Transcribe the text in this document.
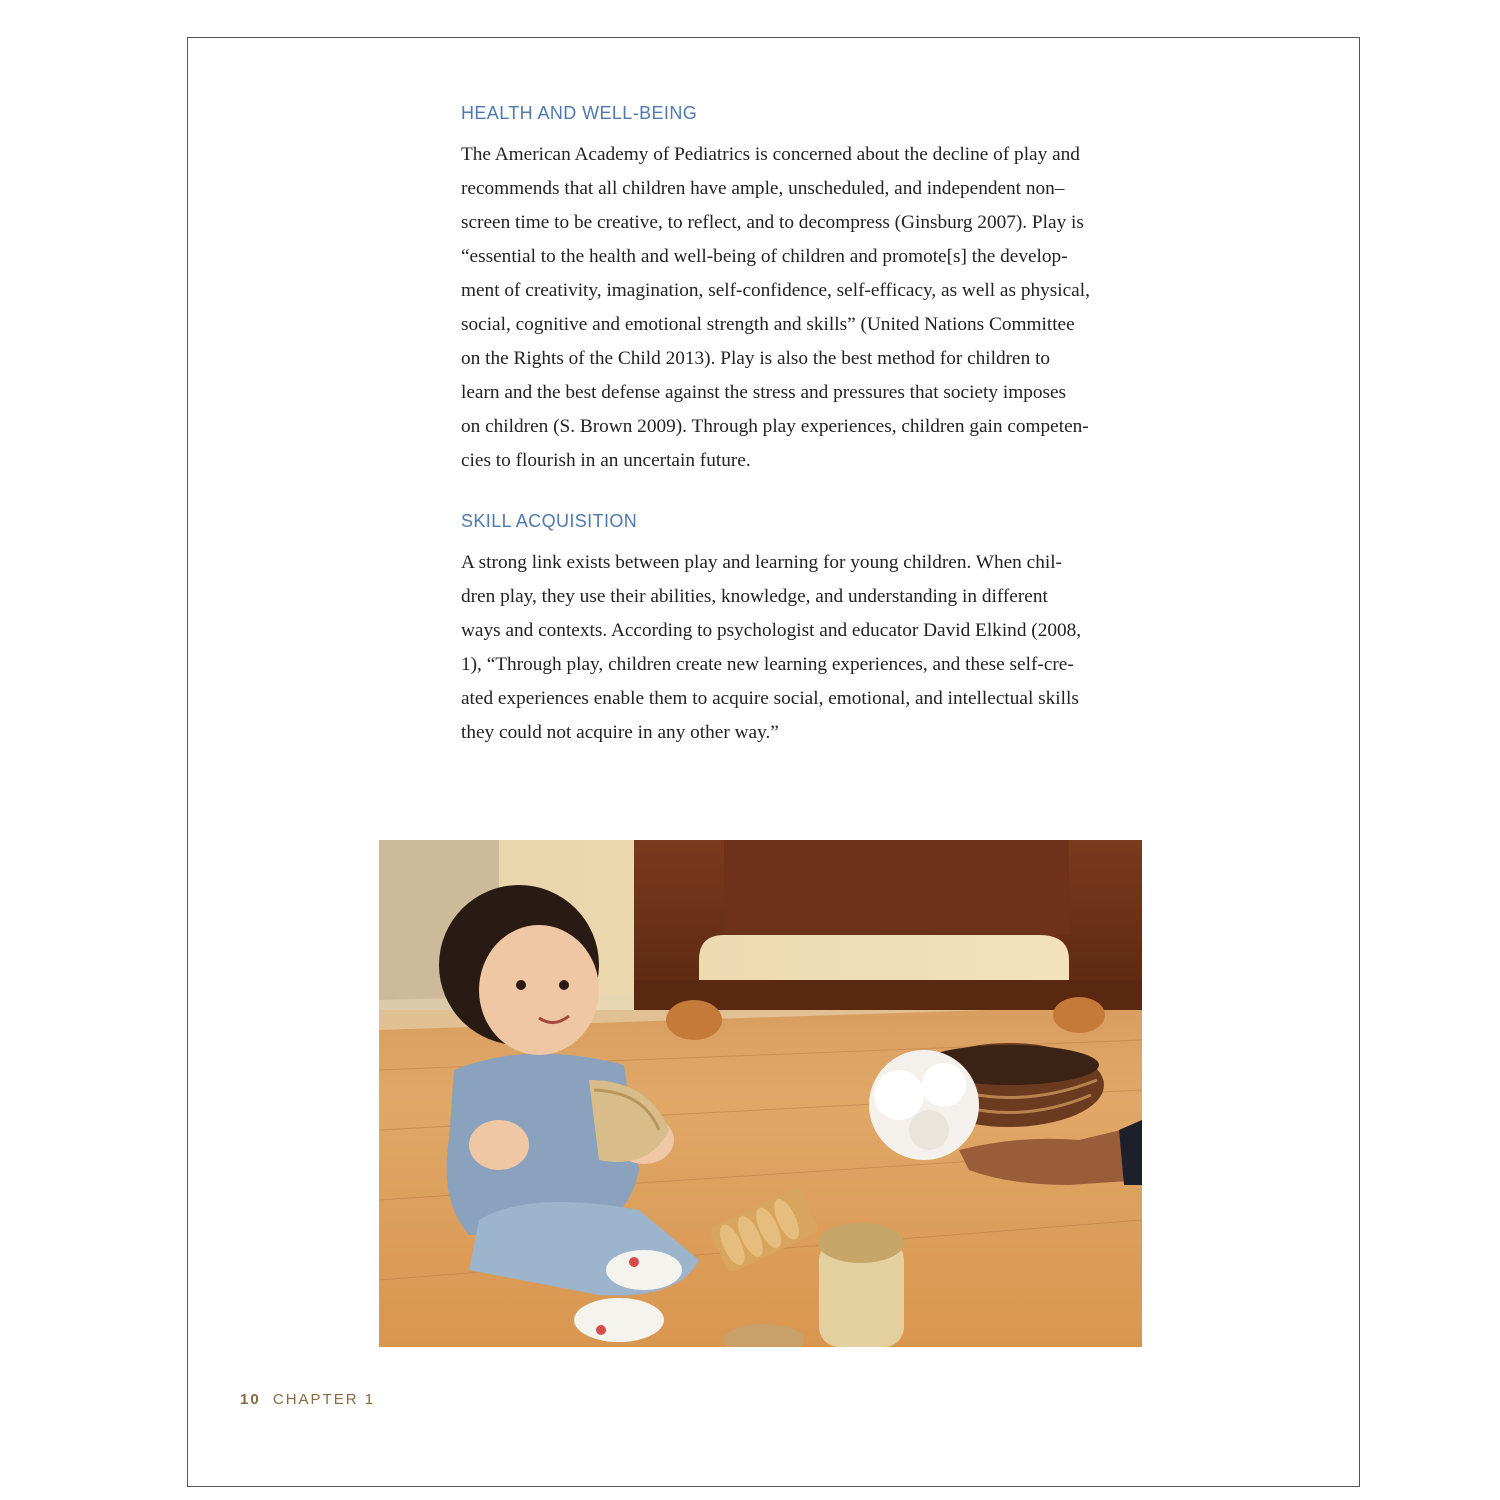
HEALTH AND WELL-BEING

The American Academy of Pediatrics is concerned about the decline of play and
recommends that all children have ample, unscheduled, and independent non–
screen time to be creative, to reflect, and to decompress (Ginsburg 2007). Play is
“essential to the health and well-being of children and promote[s] the develop-
ment of creativity, imagination, self-confidence, self-efficacy, as well as physical,
social, cognitive and emotional strength and skills” (United Nations Committee
on the Rights of the Child 2013). Play is also the best method for children to
learn and the best defense against the stress and pressures that society imposes
on children (S. Brown 2009). Through play experiences, children gain competen-
cies to flourish in an uncertain future.

SKILL ACQUISITION

A strong link exists between play and learning for young children. When chil-
dren play, they use their abilities, knowledge, and understanding in different
ways and contexts. According to psychologist and educator David Elkind (2008,
1), “Through play, children create new learning experiences, and these self-cre-
ated experiences enable them to acquire social, emotional, and intellectual skills
they could not acquire in any other way.”

10 CHAPTER 1
